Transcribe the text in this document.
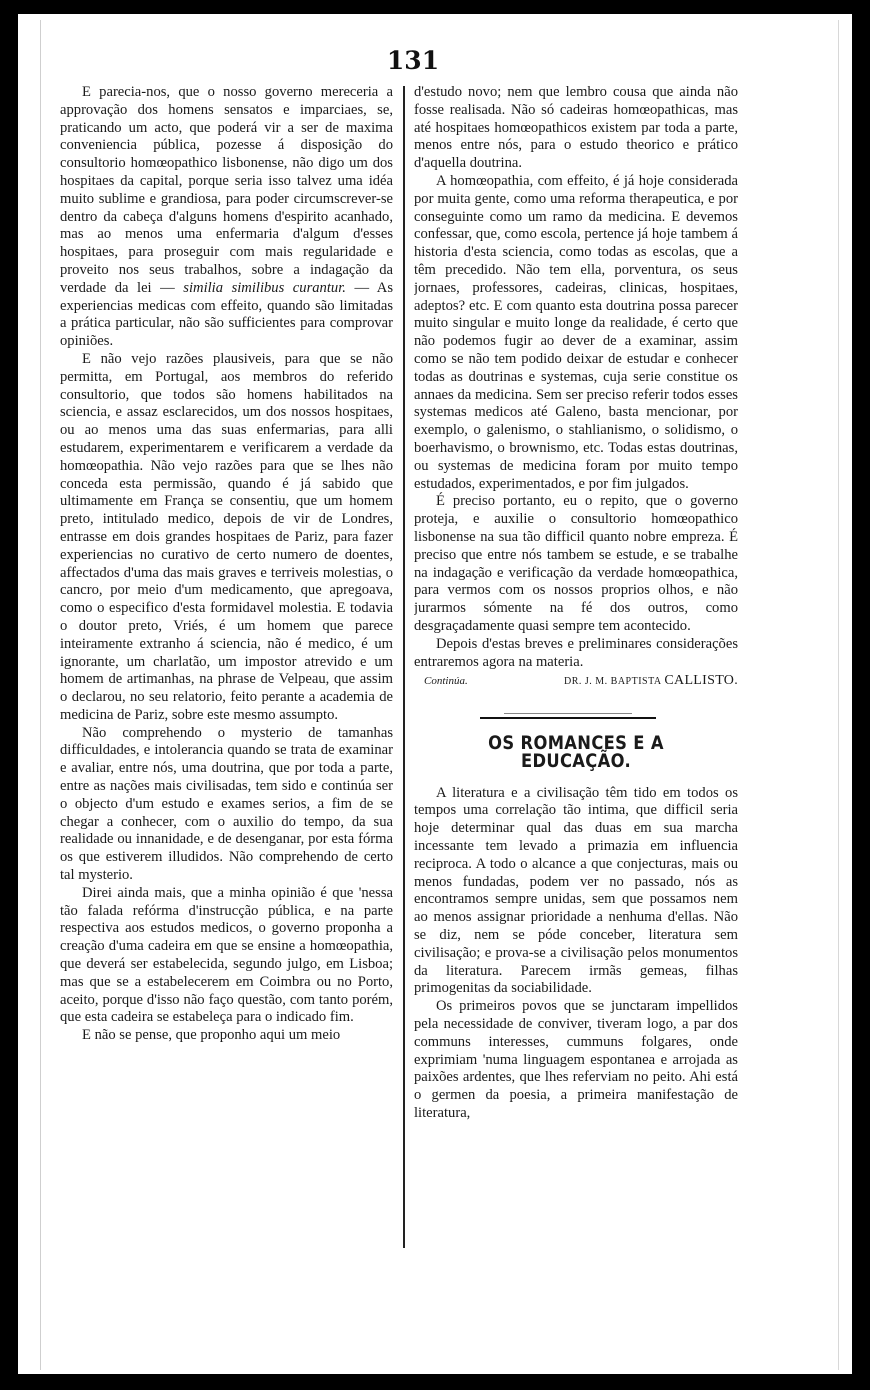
131

E parecia-nos, que o nosso governo mereceria a approvação dos homens sensatos e imparciaes, se, praticando um acto, que poderá vir a ser de maxima conveniencia pública, pozesse á disposição do consultorio homœopathico lisbonense, não digo um dos hospitaes da capital, porque seria isso talvez uma idéa muito sublime e grandiosa, para poder circumscrever-se dentro da cabeça d'alguns homens d'espirito acanhado, mas ao menos uma enfermaria d'algum d'esses hospitaes, para proseguir com mais regularidade e proveito nos seus trabalhos, sobre a indagação da verdade da lei — similia similibus curantur. — As experiencias medicas com effeito, quando são limitadas a prática particular, não são sufficientes para comprovar opiniões.

E não vejo razões plausiveis, para que se não permitta, em Portugal, aos membros do referido consultorio, que todos são homens habilitados na sciencia, e assaz esclarecidos, um dos nossos hospitaes, ou ao menos uma das suas enfermarias, para alli estudarem, experimentarem e verificarem a verdade da homœopathia. Não vejo razões para que se lhes não conceda esta permissão, quando é já sabido que ultimamente em França se consentiu, que um homem preto, intitulado medico, depois de vir de Londres, entrasse em dois grandes hospitaes de Pariz, para fazer experiencias no curativo de certo numero de doentes, affectados d'uma das mais graves e terriveis molestias, o cancro, por meio d'um medicamento, que apregoava, como o especifico d'esta formidavel molestia. E todavia o doutor preto, Vriés, é um homem que parece inteiramente extranho á sciencia, não é medico, é um ignorante, um charlatão, um impostor atrevido e um homem de artimanhas, na phrase de Velpeau, que assim o declarou, no seu relatorio, feito perante a academia de medicina de Pariz, sobre este mesmo assumpto.

Não comprehendo o mysterio de tamanhas difficuldades, e intolerancia quando se trata de examinar e avaliar, entre nós, uma doutrina, que por toda a parte, entre as nações mais civilisadas, tem sido e continúa ser o objecto d'um estudo e exames serios, a fim de se chegar a conhecer, com o auxilio do tempo, da sua realidade ou innanidade, e de desenganar, por esta fórma os que estiverem illudidos. Não comprehendo de certo tal mysterio.

Direi ainda mais, que a minha opinião é que 'nessa tão falada refórma d'instrucção pública, e na parte respectiva aos estudos medicos, o governo proponha a creação d'uma cadeira em que se ensine a homœopathia, que deverá ser estabelecida, segundo julgo, em Lisboa; mas que se a estabelecerem em Coimbra ou no Porto, aceito, porque d'isso não faço questão, com tanto porém, que esta cadeira se estabeleça para o indicado fim.

E não se pense, que proponho aqui um meio

d'estudo novo; nem que lembro cousa que ainda não fosse realisada. Não só cadeiras homœopathicas, mas até hospitaes homœopathicos existem par toda a parte, menos entre nós, para o estudo theorico e prático d'aquella doutrina.

A homœopathia, com effeito, é já hoje considerada por muita gente, como uma reforma therapeutica, e por conseguinte como um ramo da medicina. E devemos confessar, que, como escola, pertence já hoje tambem á historia d'esta sciencia, como todas as escolas, que a têm precedido. Não tem ella, porventura, os seus jornaes, professores, cadeiras, clinicas, hospitaes, adeptos? etc. E com quanto esta doutrina possa parecer muito singular e muito longe da realidade, é certo que não podemos fugir ao dever de a examinar, assim como se não tem podido deixar de estudar e conhecer todas as doutrinas e systemas, cuja serie constitue os annaes da medicina. Sem ser preciso referir todos esses systemas medicos até Galeno, basta mencionar, por exemplo, o galenismo, o stahlianismo, o solidismo, o boerhavismo, o brownismo, etc. Todas estas doutrinas, ou systemas de medicina foram por muito tempo estudados, experimentados, e por fim julgados.

É preciso portanto, eu o repito, que o governo proteja, e auxilie o consultorio homœopathico lisbonense na sua tão difficil quanto nobre empreza. É preciso que entre nós tambem se estude, e se trabalhe na indagação e verificação da verdade homœopathica, para vermos com os nossos proprios olhos, e não jurarmos sómente na fé dos outros, como desgraçadamente quasi sempre tem acontecido.

Depois d'estas breves e preliminares considerações entraremos agora na materia.

Continúa.	DR. J. M. BAPTISTA CALLISTO.
OS ROMANCES E A EDUCAÇÃO.

A literatura e a civilisação têm tido em todos os tempos uma correlação tão intima, que difficil seria hoje determinar qual das duas em sua marcha incessante tem levado a primazia em influencia reciproca. A todo o alcance a que conjecturas, mais ou menos fundadas, podem ver no passado, nós as encontramos sempre unidas, sem que possamos nem ao menos assignar prioridade a nenhuma d'ellas. Não se diz, nem se póde conceber, literatura sem civilisação; e prova-se a civilisação pelos monumentos da literatura. Parecem irmãs gemeas, filhas primogenitas da sociabilidade.

Os primeiros povos que se junctaram impellidos pela necessidade de conviver, tiveram logo, a par dos communs interesses, cummuns folgares, onde exprimiam 'numa linguagem espontanea e arrojada as paixões ardentes, que lhes referviam no peito. Ahi está o germen da poesia, a primeira manifestação de literatura,
